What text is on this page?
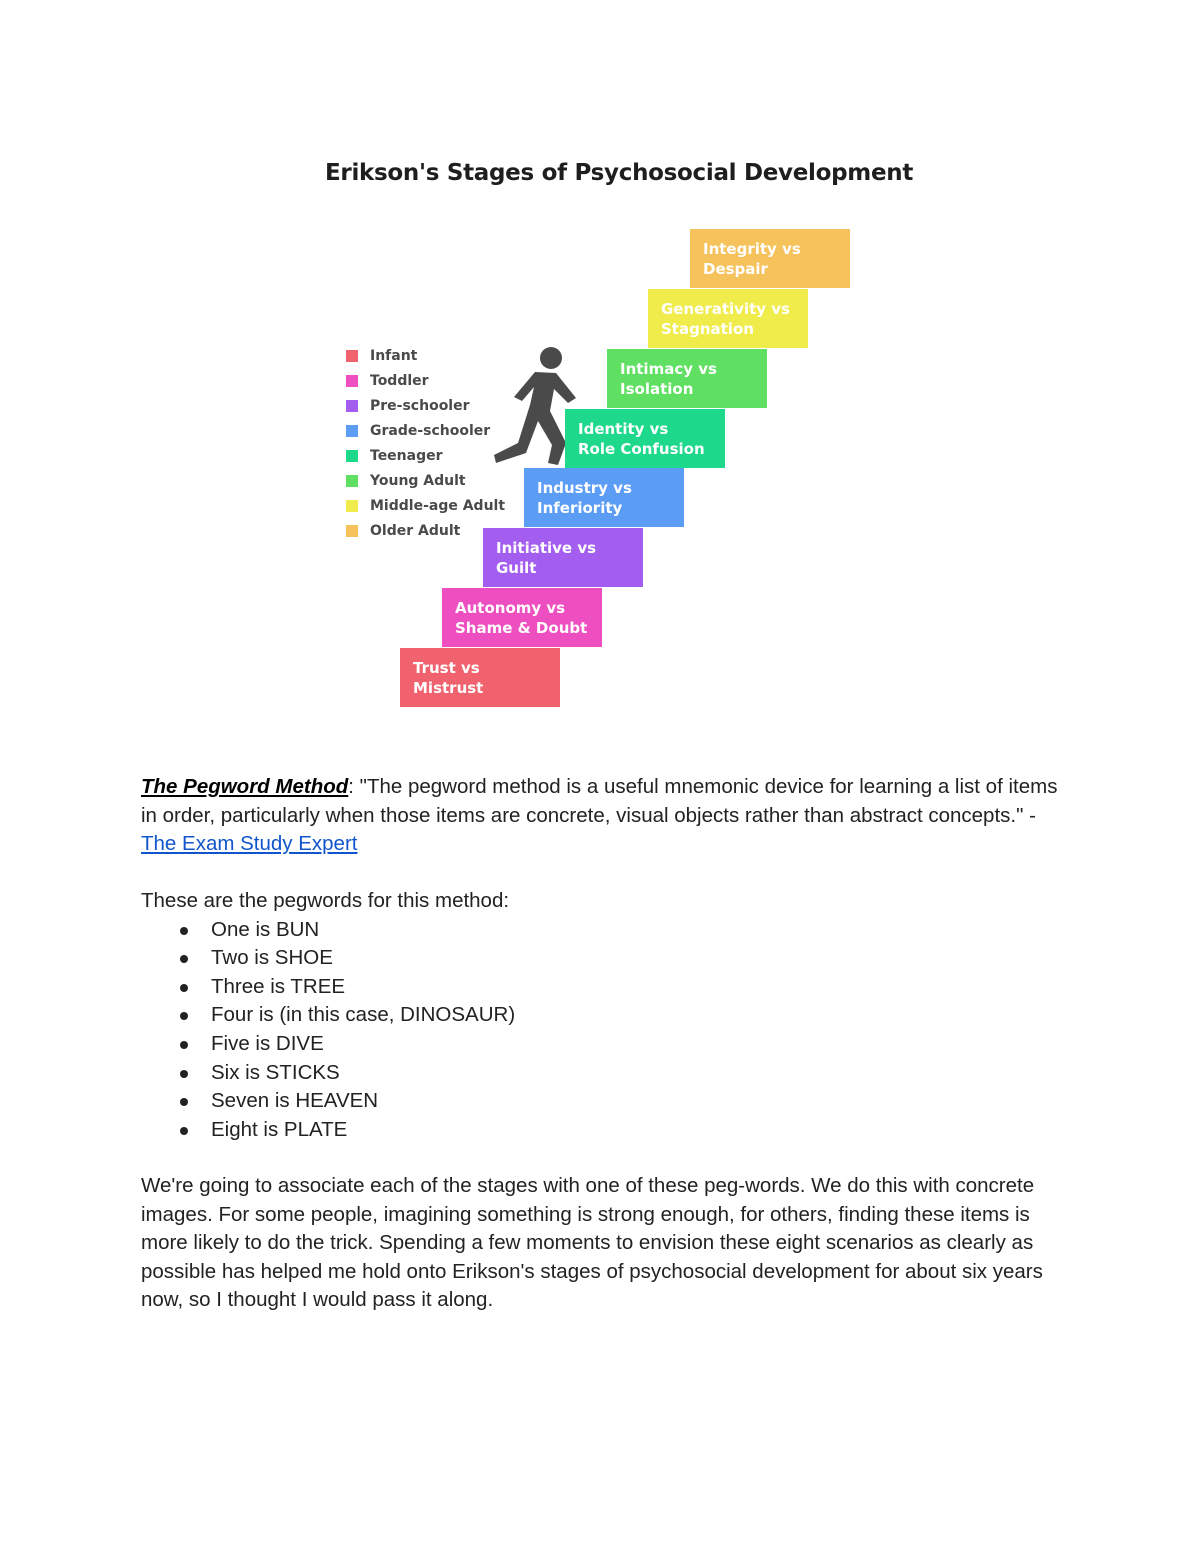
Erikson's Stages of Psychosocial Development
Infant
Toddler
Pre-schooler
Grade-schooler
Teenager
Young Adult
Middle-age Adult
Older Adult
Trust vs
Mistrust
Autonomy vs
Shame & Doubt
Initiative vs
Guilt
Industry vs
Inferiority
Identity vs
Role Confusion
Intimacy vs
Isolation
Generativity vs
Stagnation
Integrity vs
Despair
The Pegword Method: "The pegword method is a useful mnemonic device for learning a list of items in order, particularly when those items are concrete, visual objects rather than abstract concepts." - The Exam Study Expert
These are the pegwords for this method:
One is BUN
Two is SHOE
Three is TREE
Four is (in this case, DINOSAUR)
Five is DIVE
Six is STICKS
Seven is HEAVEN
Eight is PLATE
We're going to associate each of the stages with one of these peg-words. We do this with concrete images. For some people, imagining something is strong enough, for others, finding these items is more likely to do the trick. Spending a few moments to envision these eight scenarios as clearly as possible has helped me hold onto Erikson's stages of psychosocial development for about six years now, so I thought I would pass it along.
